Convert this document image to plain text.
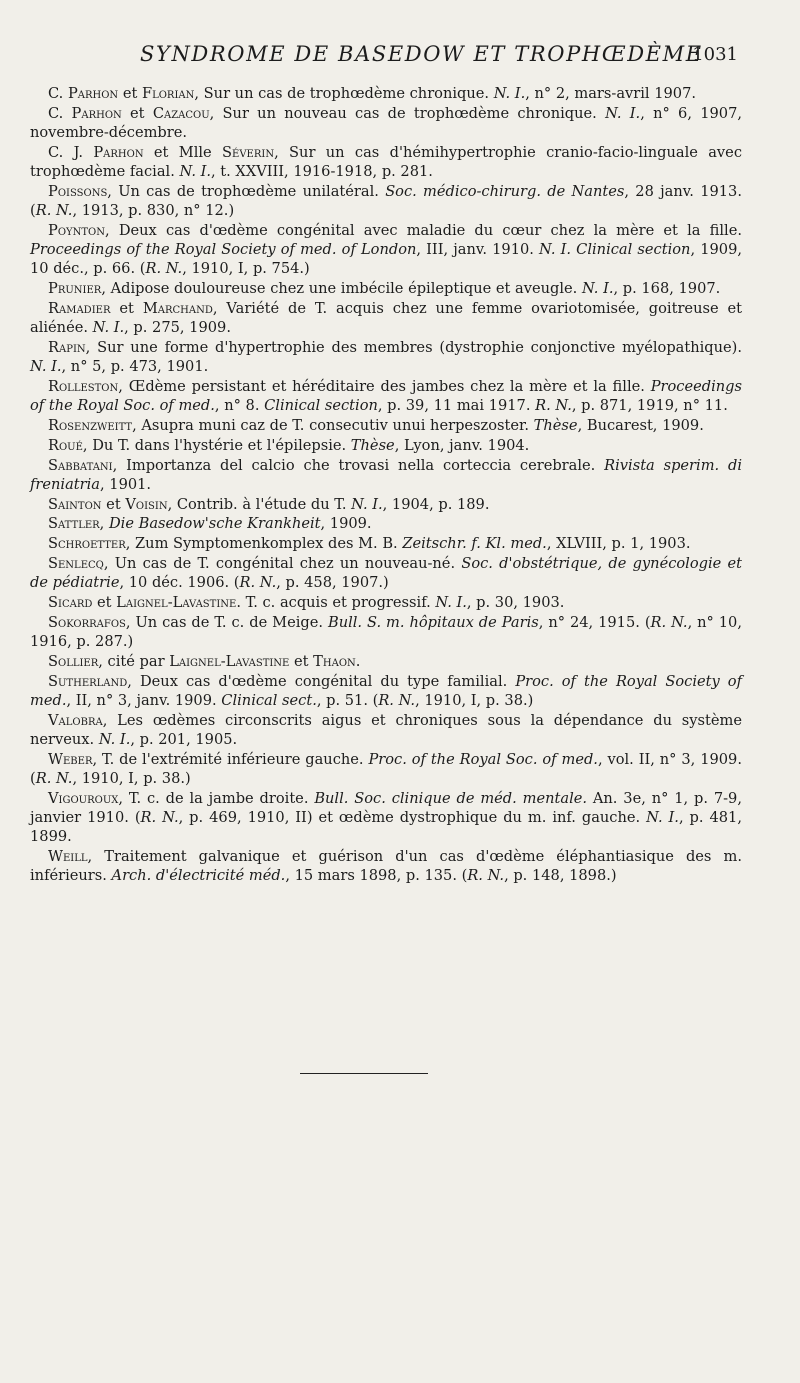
SYNDROME DE BASEDOW ET TROPHŒDÈME
1031

C. Parhon et Florian, Sur un cas de trophœdème chronique. N. I., n° 2, mars-avril 1907.

C. Parhon et Cazacou, Sur un nouveau cas de trophœdème chronique. N. I., n° 6, 1907, novembre-décembre.

C. J. Parhon et Mlle Séverin, Sur un cas d'hémihypertrophie cranio-facio-linguale avec trophœdème facial. N. I., t. XXVIII, 1916-1918, p. 281.

Poissons, Un cas de trophœdème unilatéral. Soc. médico-chirurg. de Nantes, 28 janv. 1913. (R. N., 1913, p. 830, n° 12.)

Poynton, Deux cas d'œdème congénital avec maladie du cœur chez la mère et la fille. Proceedings of the Royal Society of med. of London, III, janv. 1910. N. I. Clinical section, 1909, 10 déc., p. 66. (R. N., 1910, I, p. 754.)

Prunier, Adipose douloureuse chez une imbécile épileptique et aveugle. N. I., p. 168, 1907.

Ramadier et Marchand, Variété de T. acquis chez une femme ovariotomisée, goitreuse et aliénée. N. I., p. 275, 1909.

Rapin, Sur une forme d'hypertrophie des membres (dystrophie conjonctive myélopathique). N. I., n° 5, p. 473, 1901.

Rolleston, Œdème persistant et héréditaire des jambes chez la mère et la fille. Proceedings of the Royal Soc. of med., n° 8. Clinical section, p. 39, 11 mai 1917. R. N., p. 871, 1919, n° 11.

Rosenzweitt, Asupra muni caz de T. consecutiv unui herpeszoster. Thèse, Bucarest, 1909.

Roué, Du T. dans l'hystérie et l'épilepsie. Thèse, Lyon, janv. 1904.

Sabbatani, Importanza del calcio che trovasi nella corteccia cerebrale. Rivista sperim. di freniatria, 1901.

Sainton et Voisin, Contrib. à l'étude du T. N. I., 1904, p. 189.

Sattler, Die Basedow'sche Krankheit, 1909.

Schroetter, Zum Symptomenkomplex des M. B. Zeitschr. f. Kl. med., XLVIII, p. 1, 1903.

Senlecq, Un cas de T. congénital chez un nouveau-né. Soc. d'obstétrique, de gynécologie et de pédiatrie, 10 déc. 1906. (R. N., p. 458, 1907.)

Sicard et Laignel-Lavastine. T. c. acquis et progressif. N. I., p. 30, 1903.

Sokorrafos, Un cas de T. c. de Meige. Bull. S. m. hôpitaux de Paris, n° 24, 1915. (R. N., n° 10, 1916, p. 287.)

Sollier, cité par Laignel-Lavastine et Thaon.

Sutherland, Deux cas d'œdème congénital du type familial. Proc. of the Royal Society of med., II, n° 3, janv. 1909. Clinical sect., p. 51. (R. N., 1910, I, p. 38.)

Valobra, Les œdèmes circonscrits aigus et chroniques sous la dépendance du système nerveux. N. I., p. 201, 1905.

Weber, T. de l'extrémité inférieure gauche. Proc. of the Royal Soc. of med., vol. II, n° 3, 1909. (R. N., 1910, I, p. 38.)

Vigouroux, T. c. de la jambe droite. Bull. Soc. clinique de méd. mentale. An. 3e, n° 1, p. 7-9, janvier 1910. (R. N., p. 469, 1910, II) et œdème dystrophique du m. inf. gauche. N. I., p. 481, 1899.

Weill, Traitement galvanique et guérison d'un cas d'œdème éléphantiasique des m. inférieurs. Arch. d'électricité méd., 15 mars 1898, p. 135. (R. N., p. 148, 1898.)
